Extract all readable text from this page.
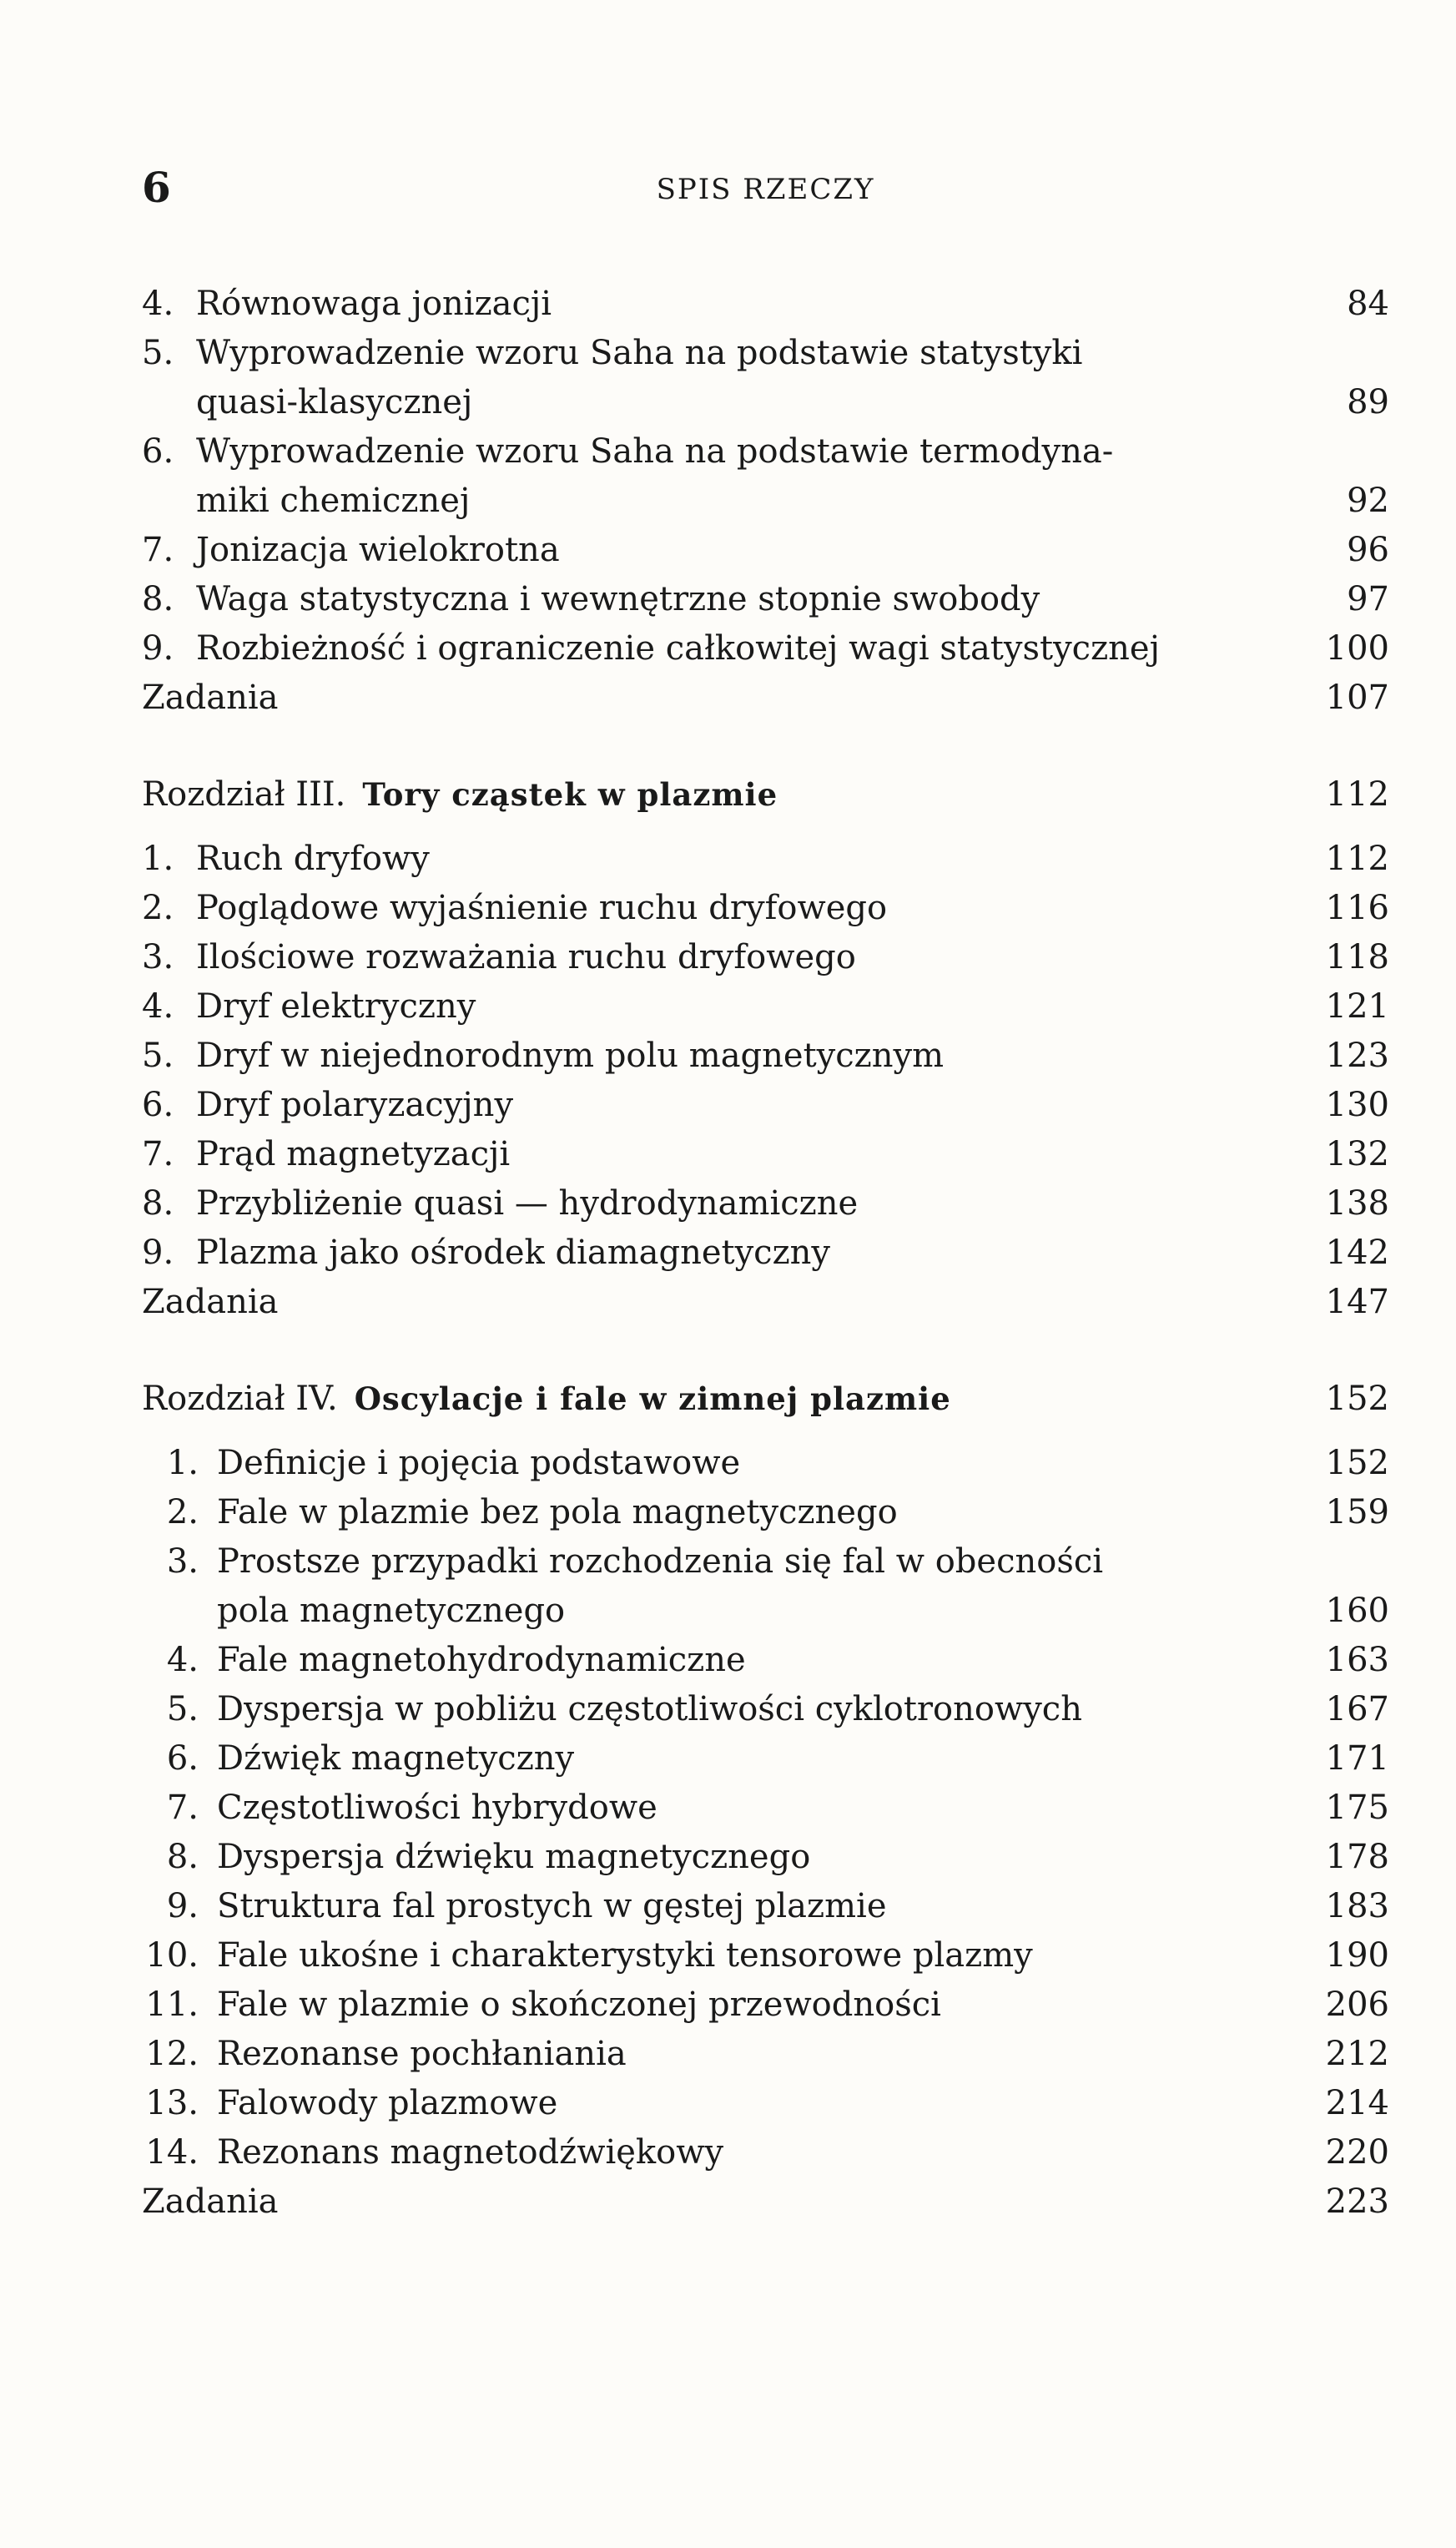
6	SPIS RZECZY
4. Równowaga jonizacji	84
5. Wyprowadzenie wzoru Saha na podstawie statystyki
quasi-klasycznej	89
6. Wyprowadzenie wzoru Saha na podstawie termodyna-
miki chemicznej	92
7. Jonizacja wielokrotna	96
8. Waga statystyczna i wewnętrzne stopnie swobody	97
9. Rozbieżność i ograniczenie całkowitej wagi statystycznej	100
Zadania	107
Rozdział III. Tory cząstek w plazmie	112
1. Ruch dryfowy	112
2. Poglądowe wyjaśnienie ruchu dryfowego	116
3. Ilościowe rozważania ruchu dryfowego	118
4. Dryf elektryczny	121
5. Dryf w niejednorodnym polu magnetycznym	123
6. Dryf polaryzacyjny	130
7. Prąd magnetyzacji	132
8. Przybliżenie quasi — hydrodynamiczne	138
9. Plazma jako ośrodek diamagnetyczny	142
Zadania	147
Rozdział IV. Oscylacje i fale w zimnej plazmie	152
1. Definicje i pojęcia podstawowe	152
2. Fale w plazmie bez pola magnetycznego	159
3. Prostsze przypadki rozchodzenia się fal w obecności
pola magnetycznego	160
4. Fale magnetohydrodynamiczne	163
5. Dyspersja w pobliżu częstotliwości cyklotronowych	167
6. Dźwięk magnetyczny	171
7. Częstotliwości hybrydowe	175
8. Dyspersja dźwięku magnetycznego	178
9. Struktura fal prostych w gęstej plazmie	183
10. Fale ukośne i charakterystyki tensorowe plazmy	190
11. Fale w plazmie o skończonej przewodności	206
12. Rezonanse pochłaniania	212
13. Falowody plazmowe	214
14. Rezonans magnetodźwiękowy	220
Zadania	223
